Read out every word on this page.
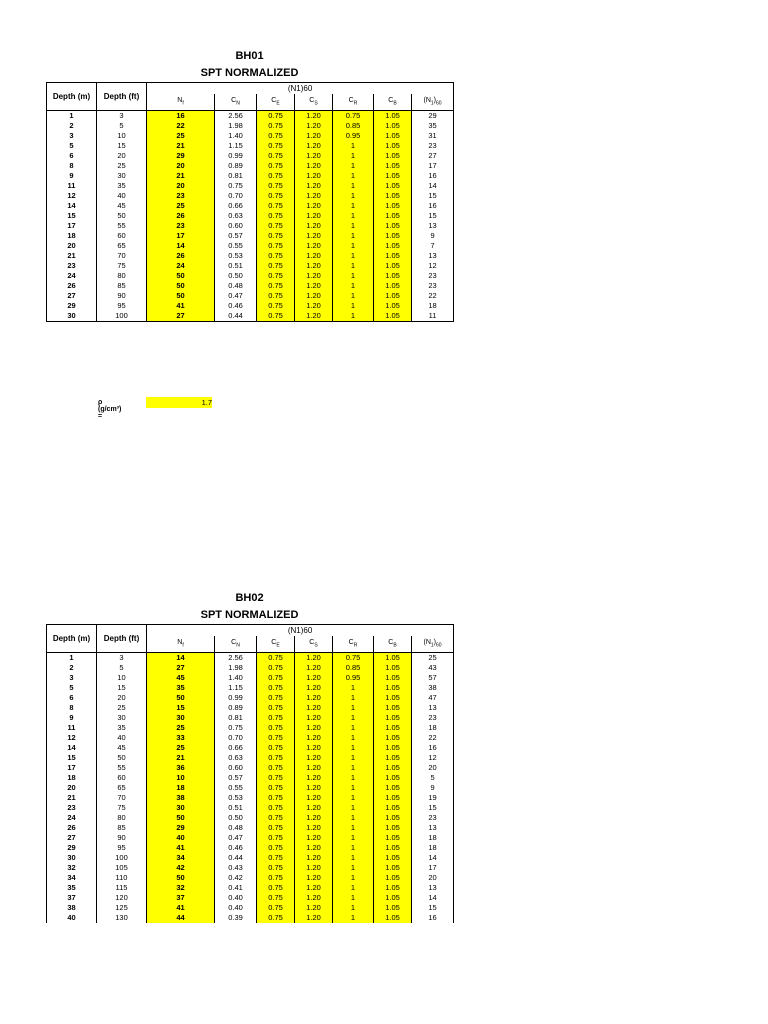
BH01
SPT NORMALIZED
Depth (m)	Depth (ft)	(N1)60						
		$N_f$	$C_N$	$C_E$	$C_S$	$C_R$	$C_B$	$(N_1)_{60}$
1	3	16	2.56	0.75	1.20	0.75	1.05	29
2	5	22	1.98	0.75	1.20	0.85	1.05	35
3	10	25	1.40	0.75	1.20	0.95	1.05	31
5	15	21	1.15	0.75	1.20	1	1.05	23
6	20	29	0.99	0.75	1.20	1	1.05	27
8	25	20	0.89	0.75	1.20	1	1.05	17
9	30	21	0.81	0.75	1.20	1	1.05	16
11	35	20	0.75	0.75	1.20	1	1.05	14
12	40	23	0.70	0.75	1.20	1	1.05	15
14	45	25	0.66	0.75	1.20	1	1.05	16
15	50	26	0.63	0.75	1.20	1	1.05	15
17	55	23	0.60	0.75	1.20	1	1.05	13
18	60	17	0.57	0.75	1.20	1	1.05	9
20	65	14	0.55	0.75	1.20	1	1.05	7
21	70	26	0.53	0.75	1.20	1	1.05	13
23	75	24	0.51	0.75	1.20	1	1.05	12
24	80	50	0.50	0.75	1.20	1	1.05	23
26	85	50	0.48	0.75	1.20	1	1.05	23
27	90	50	0.47	0.75	1.20	1	1.05	22
29	95	41	0.46	0.75	1.20	1	1.05	18
30	100	27	0.44	0.75	1.20	1	1.05	11
ρ (g/cm³) =
1.7
BH02
SPT NORMALIZED
Depth (m)	Depth (ft)	(N1)60						
		$N_f$	$C_N$	$C_E$	$C_S$	$C_R$	$C_B$	$(N_1)_{60}$
1	3	14	2.56	0.75	1.20	0.75	1.05	25
2	5	27	1.98	0.75	1.20	0.85	1.05	43
3	10	45	1.40	0.75	1.20	0.95	1.05	57
5	15	35	1.15	0.75	1.20	1	1.05	38
6	20	50	0.99	0.75	1.20	1	1.05	47
8	25	15	0.89	0.75	1.20	1	1.05	13
9	30	30	0.81	0.75	1.20	1	1.05	23
11	35	25	0.75	0.75	1.20	1	1.05	18
12	40	33	0.70	0.75	1.20	1	1.05	22
14	45	25	0.66	0.75	1.20	1	1.05	16
15	50	21	0.63	0.75	1.20	1	1.05	12
17	55	36	0.60	0.75	1.20	1	1.05	20
18	60	10	0.57	0.75	1.20	1	1.05	5
20	65	18	0.55	0.75	1.20	1	1.05	9
21	70	38	0.53	0.75	1.20	1	1.05	19
23	75	30	0.51	0.75	1.20	1	1.05	15
24	80	50	0.50	0.75	1.20	1	1.05	23
26	85	29	0.48	0.75	1.20	1	1.05	13
27	90	40	0.47	0.75	1.20	1	1.05	18
29	95	41	0.46	0.75	1.20	1	1.05	18
30	100	34	0.44	0.75	1.20	1	1.05	14
32	105	42	0.43	0.75	1.20	1	1.05	17
34	110	50	0.42	0.75	1.20	1	1.05	20
35	115	32	0.41	0.75	1.20	1	1.05	13
37	120	37	0.40	0.75	1.20	1	1.05	14
38	125	41	0.40	0.75	1.20	1	1.05	15
40	130	44	0.39	0.75	1.20	1	1.05	16
